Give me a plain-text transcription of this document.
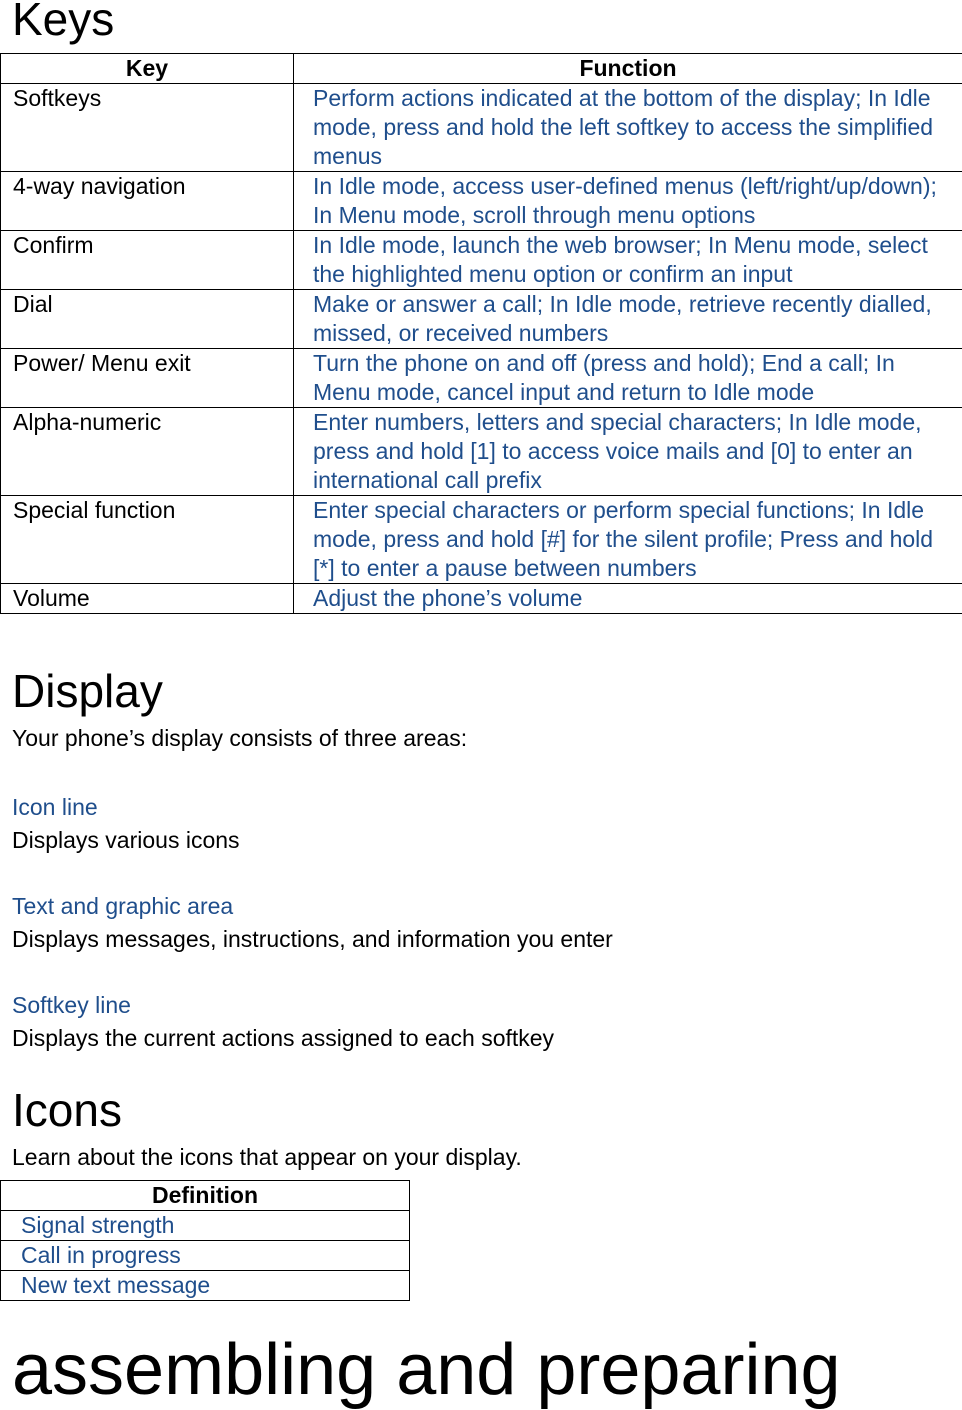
Keys
Key	Function
Softkeys	Perform actions indicated at the bottom of the display; In Idle mode, press and hold the left softkey to access the simplified menus
4-way navigation	In Idle mode, access user-defined menus (left/right/up/down); In Menu mode, scroll through menu options
Confirm	In Idle mode, launch the web browser; In Menu mode, select the highlighted menu option or confirm an input
Dial	Make or answer a call; In Idle mode, retrieve recently dialled, missed, or received numbers
Power/ Menu exit	Turn the phone on and off (press and hold); End a call; In Menu mode, cancel input and return to Idle mode
Alpha-numeric	Enter numbers, letters and special characters; In Idle mode, press and hold [1] to access voice mails and [0] to enter an international call prefix
Special function	Enter special characters or perform special functions; In Idle mode, press and hold [#] for the silent profile; Press and hold [*] to enter a pause between numbers
Volume	Adjust the phone’s volume
Display

Your phone’s display consists of three areas:

Icon line

Displays various icons

Text and graphic area

Displays messages, instructions, and information you enter

Softkey line

Displays the current actions assigned to each softkey

Icons

Learn about the icons that appear on your display.

Definition
Signal strength
Call in progress
New text message
assembling and preparing
